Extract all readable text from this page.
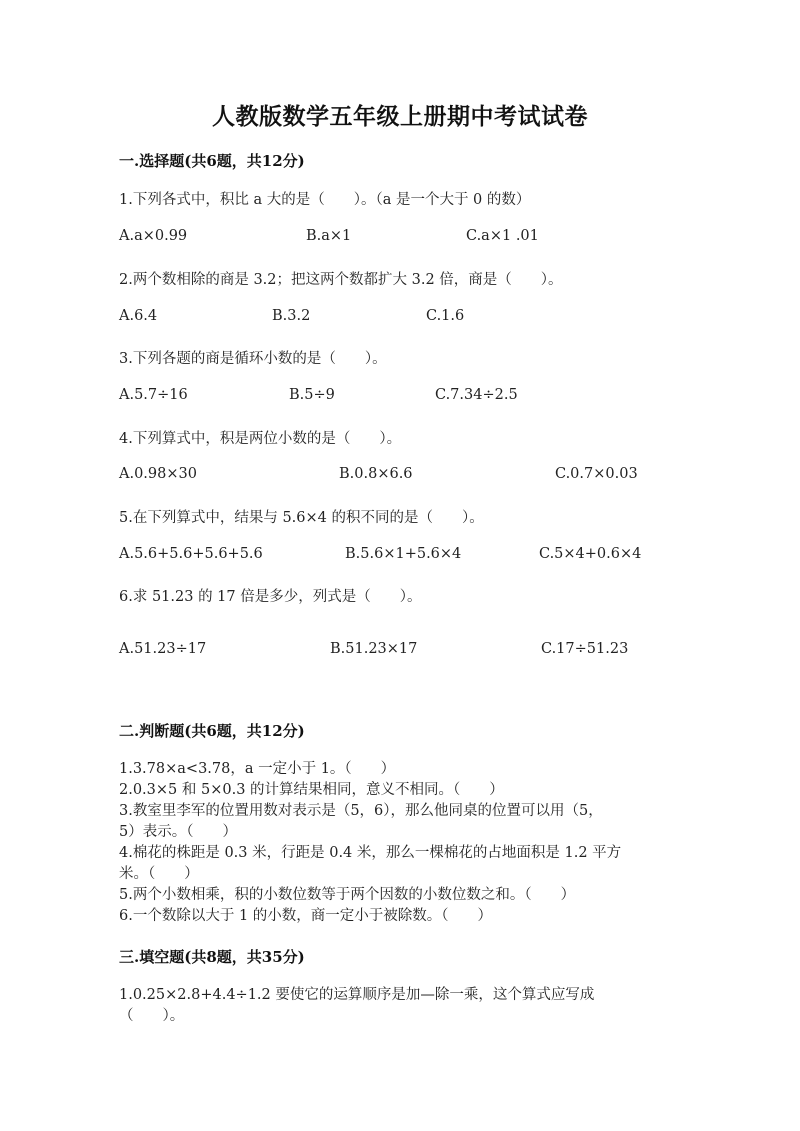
人教版数学五年级上册期中考试试卷
一.选择题(共6题，共12分)
1.下列各式中，积比 a 大的是（　　）。（a 是一个大于 0 的数）
A.a×0.99	B.a×1	C.a×1 .01
2.两个数相除的商是 3.2；把这两个数都扩大 3.2 倍，商是（　　）。
A.6.4	B.3.2	C.1.6
3.下列各题的商是循环小数的是（　　）。
A.5.7÷16	B.5÷9	C.7.34÷2.5
4.下列算式中，积是两位小数的是（　　）。
A.0.98×30	B.0.8×6.6	C.0.7×0.03
5.在下列算式中，结果与 5.6×4 的积不同的是（　　）。
A.5.6+5.6+5.6+5.6	B.5.6×1+5.6×4	C.5×4+0.6×4
6.求 51.23 的 17 倍是多少，列式是（　　）。
A.51.23÷17	B.51.23×17	C.17÷51.23
二.判断题(共6题，共12分)
1.3.78×a<3.78，a 一定小于 1。（　　）
2.0.3×5 和 5×0.3 的计算结果相同，意义不相同。（　　）
3.教室里李军的位置用数对表示是（5，6），那么他同桌的位置可以用（5，
5）表示。（　　）
4.棉花的株距是 0.3 米，行距是 0.4 米，那么一棵棉花的占地面积是 1.2 平方
米。（　　）
5.两个小数相乘，积的小数位数等于两个因数的小数位数之和。（　　）
6.一个数除以大于 1 的小数，商一定小于被除数。（　　）
三.填空题(共8题，共35分)
1.0.25×2.8+4.4÷1.2 要使它的运算顺序是加—除一乘，这个算式应写成
（　　）。
